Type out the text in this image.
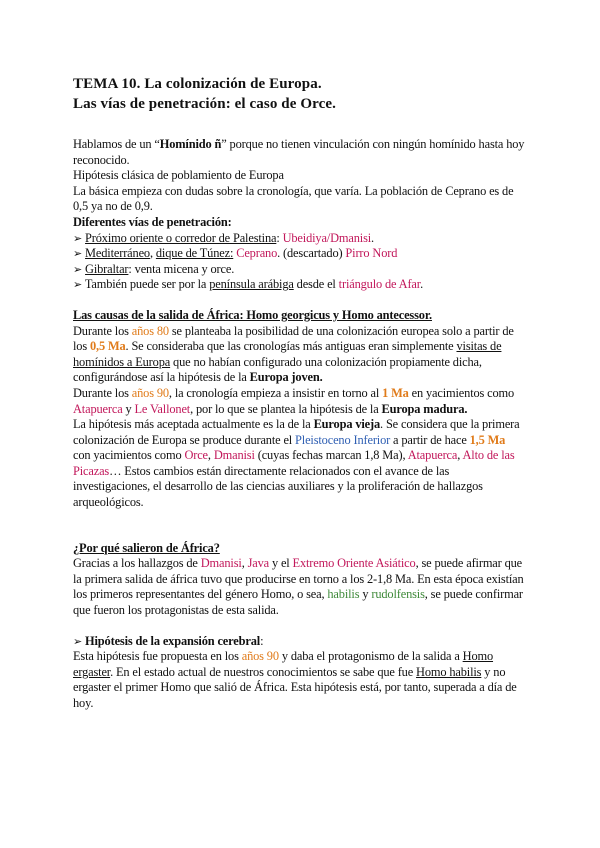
TEMA 10. La colonización de Europa.
Las vías de penetración: el caso de Orce.

Hablamos de un “Homínido ñ” porque no tienen vinculación con ningún homínido hasta hoy reconocido.

Hipótesis clásica de poblamiento de Europa

La básica empieza con dudas sobre la cronología, que varía. La población de Ceprano es de 0,5 ya no de 0,9.

Diferentes vías de penetración:

➢ Próximo oriente o corredor de Palestina: Ubeidiya/Dmanisi.

➢ Mediterráneo, dique de Túnez: Ceprano. (descartado) Pirro Nord

➢ Gibraltar: venta micena y orce.

➢ También puede ser por la península arábiga desde el triángulo de Afar.

Las causas de la salida de África: Homo georgicus y Homo antecessor.

Durante los años 80 se planteaba la posibilidad de una colonización europea solo a partir de los 0,5 Ma. Se consideraba que las cronologías más antiguas eran simplemente visitas de homínidos a Europa que no habían configurado una colonización propiamente dicha, configurándose así la hipótesis de la Europa joven.

Durante los años 90, la cronología empieza a insistir en torno al 1 Ma en yacimientos como Atapuerca y Le Vallonet, por lo que se plantea la hipótesis de la Europa madura.

La hipótesis más aceptada actualmente es la de la Europa vieja. Se considera que la primera colonización de Europa se produce durante el Pleistoceno Inferior a partir de hace 1,5 Ma con yacimientos como Orce, Dmanisi (cuyas fechas marcan 1,8 Ma), Atapuerca, Alto de las Picazas… Estos cambios están directamente relacionados con el avance de las investigaciones, el desarrollo de las ciencias auxiliares y la proliferación de hallazgos arqueológicos.

¿Por qué salieron de África?

Gracias a los hallazgos de Dmanisi, Java y el Extremo Oriente Asiático, se puede afirmar que la primera salida de áfrica tuvo que producirse en torno a los 2-1,8 Ma. En esta época existían los primeros representantes del género Homo, o sea, habilis y rudolfensis, se puede confirmar que fueron los protagonistas de esta salida.

➢ Hipótesis de la expansión cerebral:

Esta hipótesis fue propuesta en los años 90 y daba el protagonismo de la salida a Homo ergaster. En el estado actual de nuestros conocimientos se sabe que fue Homo habilis y no ergaster el primer Homo que salió de África. Esta hipótesis está, por tanto, superada a día de hoy.
